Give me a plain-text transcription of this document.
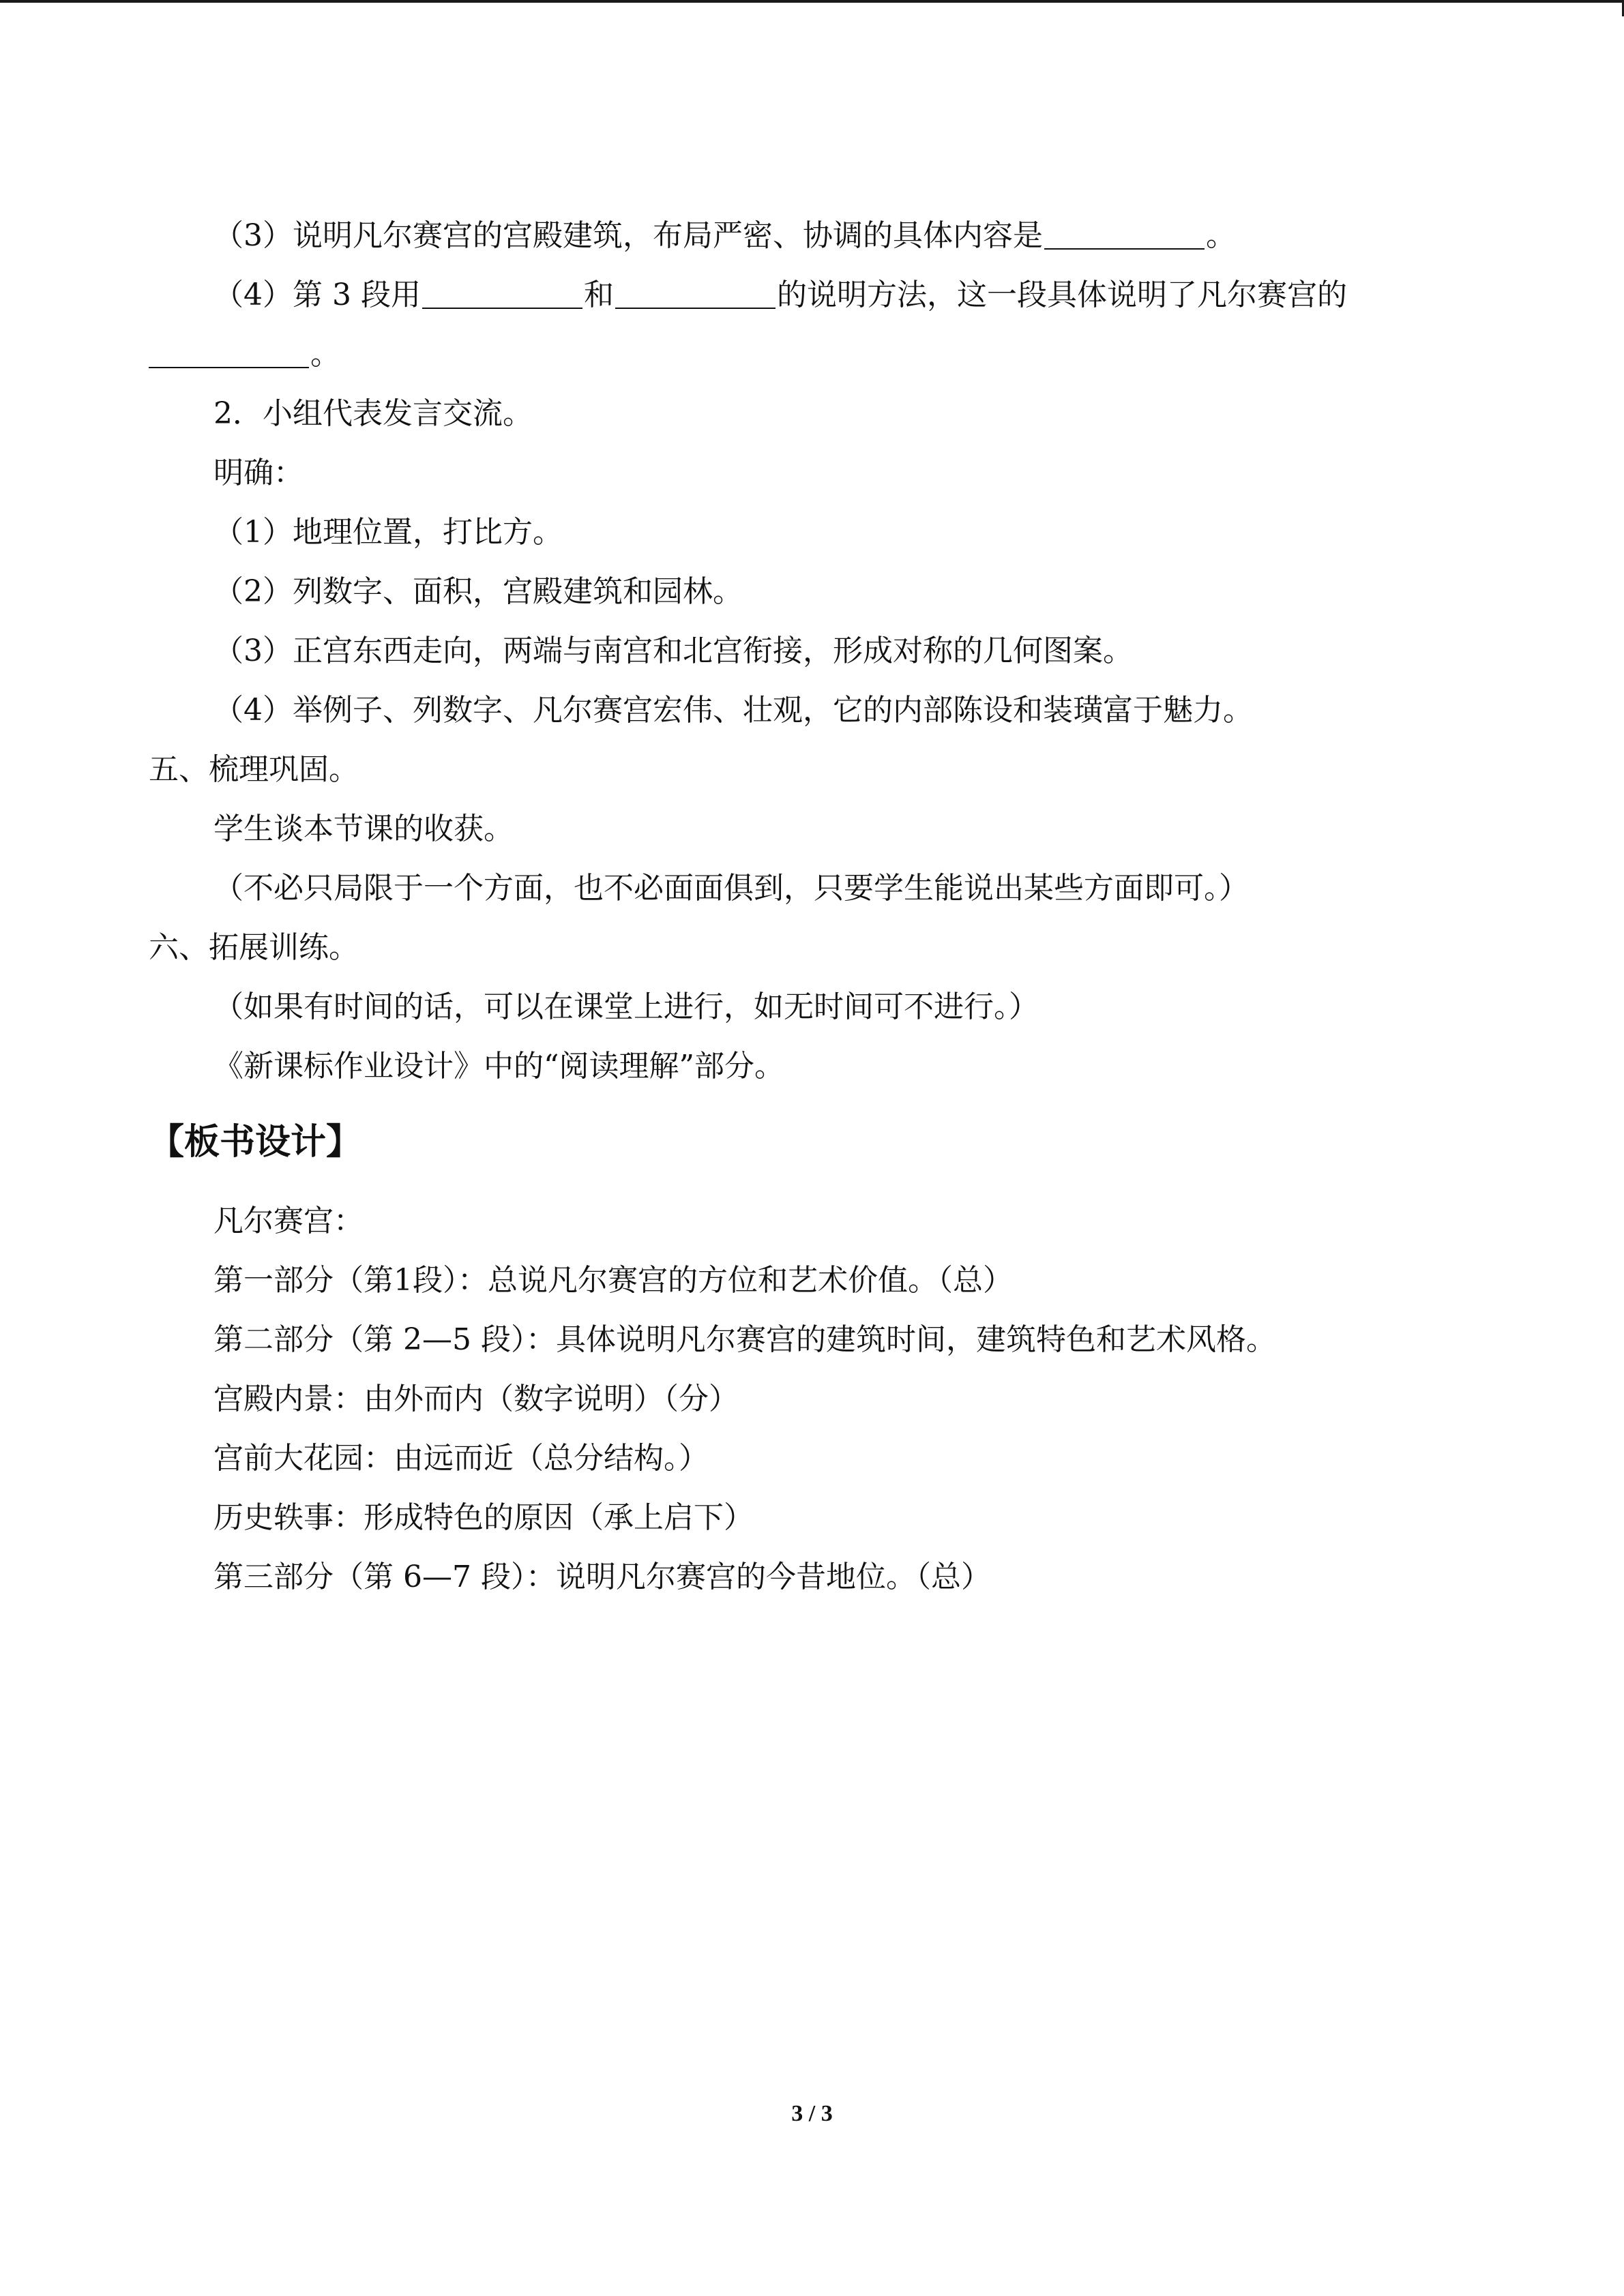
（3）说明凡尔赛宫的宫殿建筑，布局严密、协调的具体内容是	。
（4）第 3 段用	和	的说明方法，这一段具体说明了凡尔赛宫的
。
2．小组代表发言交流。
明确：
（1）地理位置，打比方。
（2）列数字、面积，宫殿建筑和园林。
（3）正宫东西走向，两端与南宫和北宫衔接，形成对称的几何图案。
（4）举例子、列数字、凡尔赛宫宏伟、壮观，它的内部陈设和装璜富于魅力。
五、梳理巩固。
学生谈本节课的收获。
（不必只局限于一个方面，也不必面面俱到，只要学生能说出某些方面即可。）
六、拓展训练。
（如果有时间的话，可以在课堂上进行，如无时间可不进行。）
《新课标作业设计》中的“阅读理解”部分。
【板书设计】
凡尔赛宫：
第一部分（第1段）：总说凡尔赛宫的方位和艺术价值。（总）
第二部分（第 2—5 段）：具体说明凡尔赛宫的建筑时间，建筑特色和艺术风格。
宫殿内景：由外而内（数字说明）（分）
宫前大花园：由远而近（总分结构。）
历史轶事：形成特色的原因（承上启下）
第三部分（第 6—7 段）：说明凡尔赛宫的今昔地位。（总）
3 / 3
